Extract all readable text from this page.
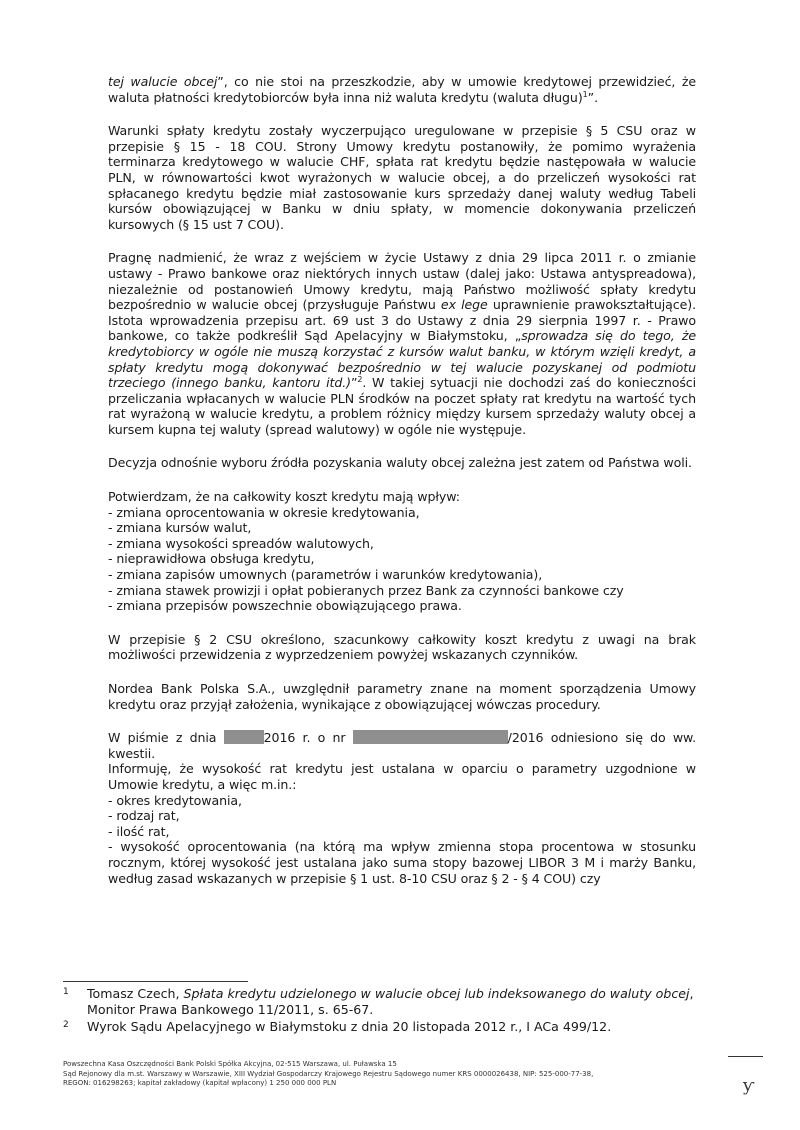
tej walucie obcej”, co nie stoi na przeszkodzie, aby w umowie kredytowej przewidzieć, że waluta płatności kredytobiorców była inna niż waluta kredytu (waluta długu)$^1$”.

Warunki spłaty kredytu zostały wyczerpująco uregulowane w przepisie § 5 CSU oraz w przepisie § 15 - 18 COU. Strony Umowy kredytu postanowiły, że pomimo wyrażenia terminarza kredytowego w walucie CHF, spłata rat kredytu będzie następowała w walucie PLN, w równowartości kwot wyrażonych w walucie obcej, a do przeliczeń wysokości rat spłacanego kredytu będzie miał zastosowanie kurs sprzedaży danej waluty według Tabeli kursów obowiązującej w Banku w dniu spłaty, w momencie dokonywania przeliczeń kursowych (§ 15 ust 7 COU).

Pragnę nadmienić, że wraz z wejściem w życie Ustawy z dnia 29 lipca 2011 r. o zmianie ustawy - Prawo bankowe oraz niektórych innych ustaw (dalej jako: Ustawa antyspreadowa), niezależnie od postanowień Umowy kredytu, mają Państwo możliwość spłaty kredytu bezpośrednio w walucie obcej (przysługuje Państwu ex lege uprawnienie prawokształtujące). Istota wprowadzenia przepisu art. 69 ust 3 do Ustawy z dnia 29 sierpnia 1997 r. - Prawo bankowe, co także podkreślił Sąd Apelacyjny w Białymstoku, „sprowadza się do tego, że kredytobiorcy w ogóle nie muszą korzystać z kursów walut banku, w którym wzięli kredyt, a spłaty kredytu mogą dokonywać bezpośrednio w tej walucie pozyskanej od podmiotu trzeciego (innego banku, kantoru itd.)”$^2$. W takiej sytuacji nie dochodzi zaś do konieczności przeliczania wpłacanych w walucie PLN środków na poczet spłaty rat kredytu na wartość tych rat wyrażoną w walucie kredytu, a problem różnicy między kursem sprzedaży waluty obcej a kursem kupna tej waluty (spread walutowy) w ogóle nie występuje.

Decyzja odnośnie wyboru źródła pozyskania waluty obcej zależna jest zatem od Państwa woli.

Potwierdzam, że na całkowity koszt kredytu mają wpływ:

- zmiana oprocentowania w okresie kredytowania,
- zmiana kursów walut,
- zmiana wysokości spreadów walutowych,
- nieprawidłowa obsługa kredytu,
- zmiana zapisów umownych (parametrów i warunków kredytowania),
- zmiana stawek prowizji i opłat pobieranych przez Bank za czynności bankowe czy
- zmiana przepisów powszechnie obowiązującego prawa.

W przepisie § 2 CSU określono, szacunkowy całkowity koszt kredytu z uwagi na brak możliwości przewidzenia z wyprzedzeniem powyżej wskazanych czynników.

Nordea Bank Polska S.A., uwzględnił parametry znane na moment sporządzenia Umowy kredytu oraz przyjął założenia, wynikające z obowiązującej wówczas procedury.

W piśmie z dnia	2016 r. o nr	/2016 odniesiono się do ww. kwestii.

Informuję, że wysokość rat kredytu jest ustalana w oparciu o parametry uzgodnione w Umowie kredytu, a więc m.in.:

- okres kredytowania,
- rodzaj rat,
- ilość rat,

- wysokość oprocentowania (na którą ma wpływ zmienna stopa procentowa w stosunku rocznym, której wysokość jest ustalana jako suma stopy bazowej LIBOR 3 M i marży Banku, według zasad wskazanych w przepisie § 1 ust. 8-10 CSU oraz § 2 - § 4 COU) czy

1	Tomasz Czech, Spłata kredytu udzielonego w walucie obcej lub indeksowanego do waluty obcej, Monitor Prawa Bankowego 11/2011, s. 65-67.
2	Wyrok Sądu Apelacyjnego w Białymstoku z dnia 20 listopada 2012 r., I ACa 499/12.
Powszechna Kasa Oszczędności Bank Polski Spółka Akcyjna, 02-515 Warszawa, ul. Puławska 15
Sąd Rejonowy dla m.st. Warszawy w Warszawie, XIII Wydział Gospodarczy Krajowego Rejestru Sądowego numer KRS 0000026438, NIP: 525-000-77-38,
REGON: 016298263; kapitał zakładowy (kapitał wpłacony) 1 250 000 000 PLN	ƴ
